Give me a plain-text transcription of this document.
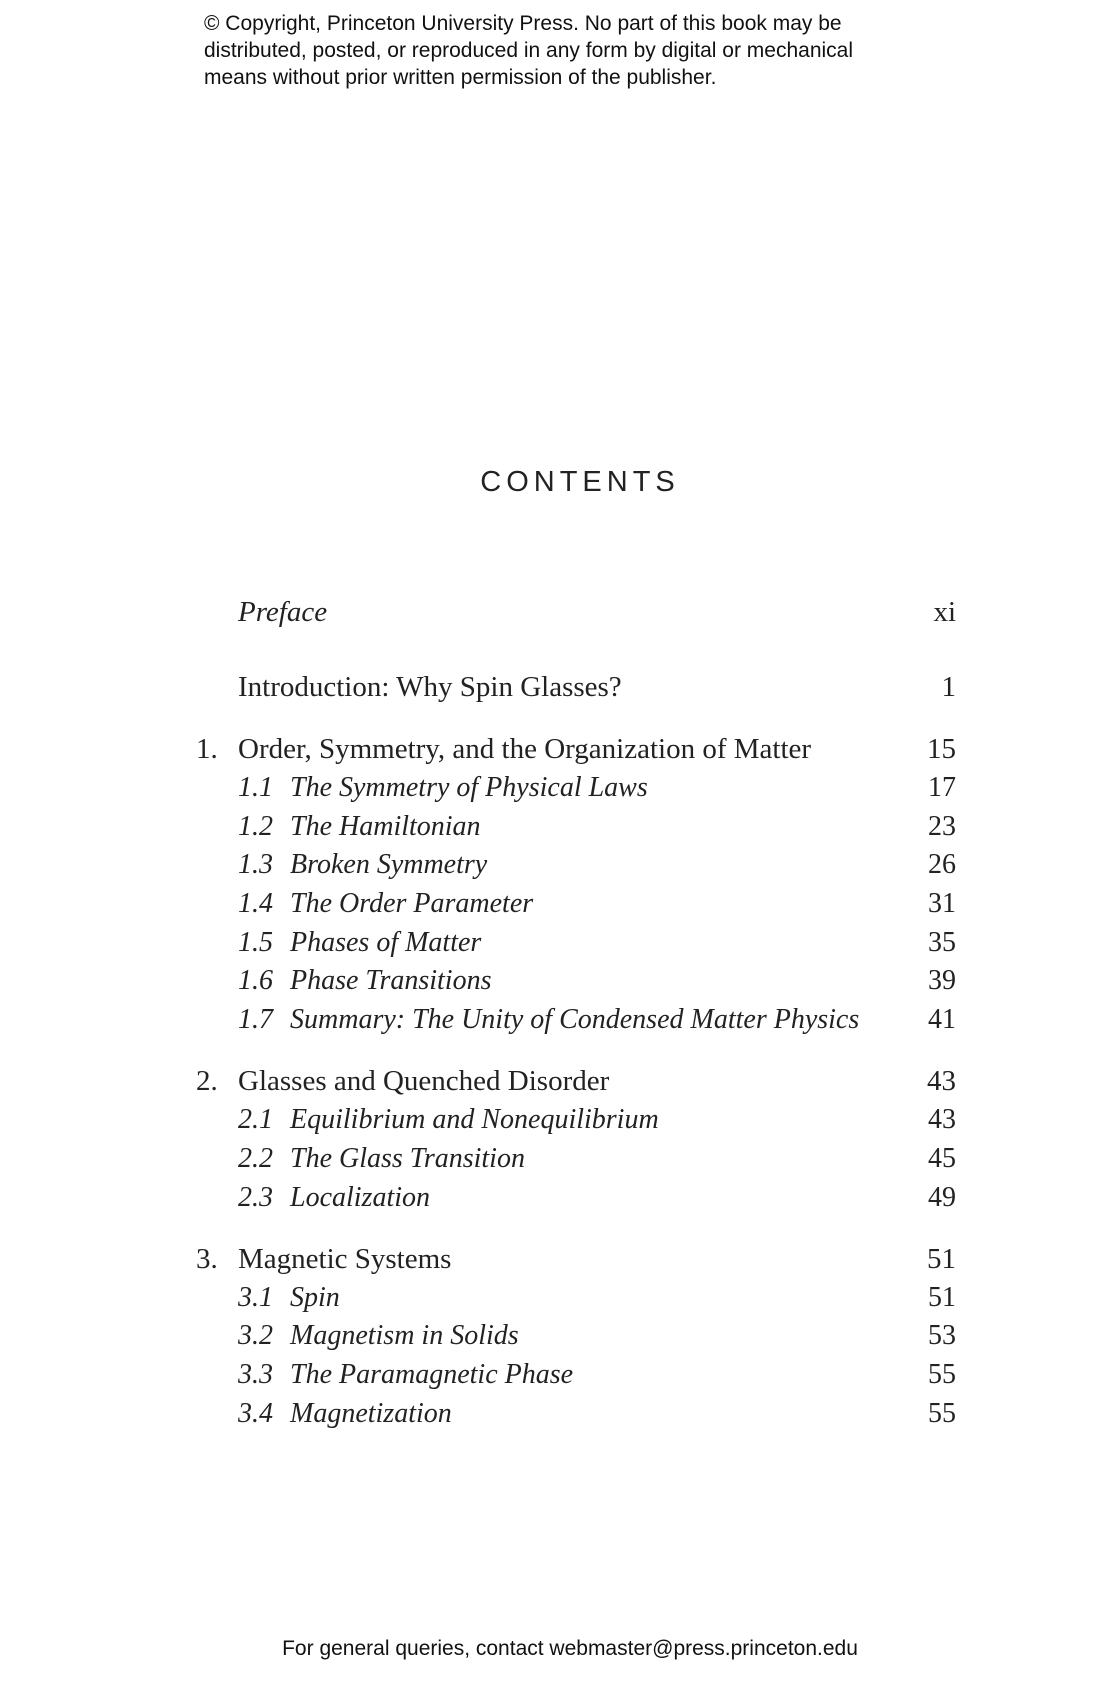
© Copyright, Princeton University Press. No part of this book may be
distributed, posted, or reproduced in any form by digital or mechanical
means without prior written permission of the publisher.
CONTENTS
Preface	xi
Introduction: Why Spin Glasses?	1
1. Order, Symmetry, and the Organization of Matter	15
1.1 The Symmetry of Physical Laws	17
1.2 The Hamiltonian	23
1.3 Broken Symmetry	26
1.4 The Order Parameter	31
1.5 Phases of Matter	35
1.6 Phase Transitions	39
1.7 Summary: The Unity of Condensed Matter Physics 41
2. Glasses and Quenched Disorder	43
2.1 Equilibrium and Nonequilibrium	43
2.2 The Glass Transition	45
2.3 Localization	49
3. Magnetic Systems	51
3.1 Spin	51
3.2 Magnetism in Solids	53
3.3 The Paramagnetic Phase	55
3.4 Magnetization	55
For general queries, contact webmaster@press.princeton.edu
